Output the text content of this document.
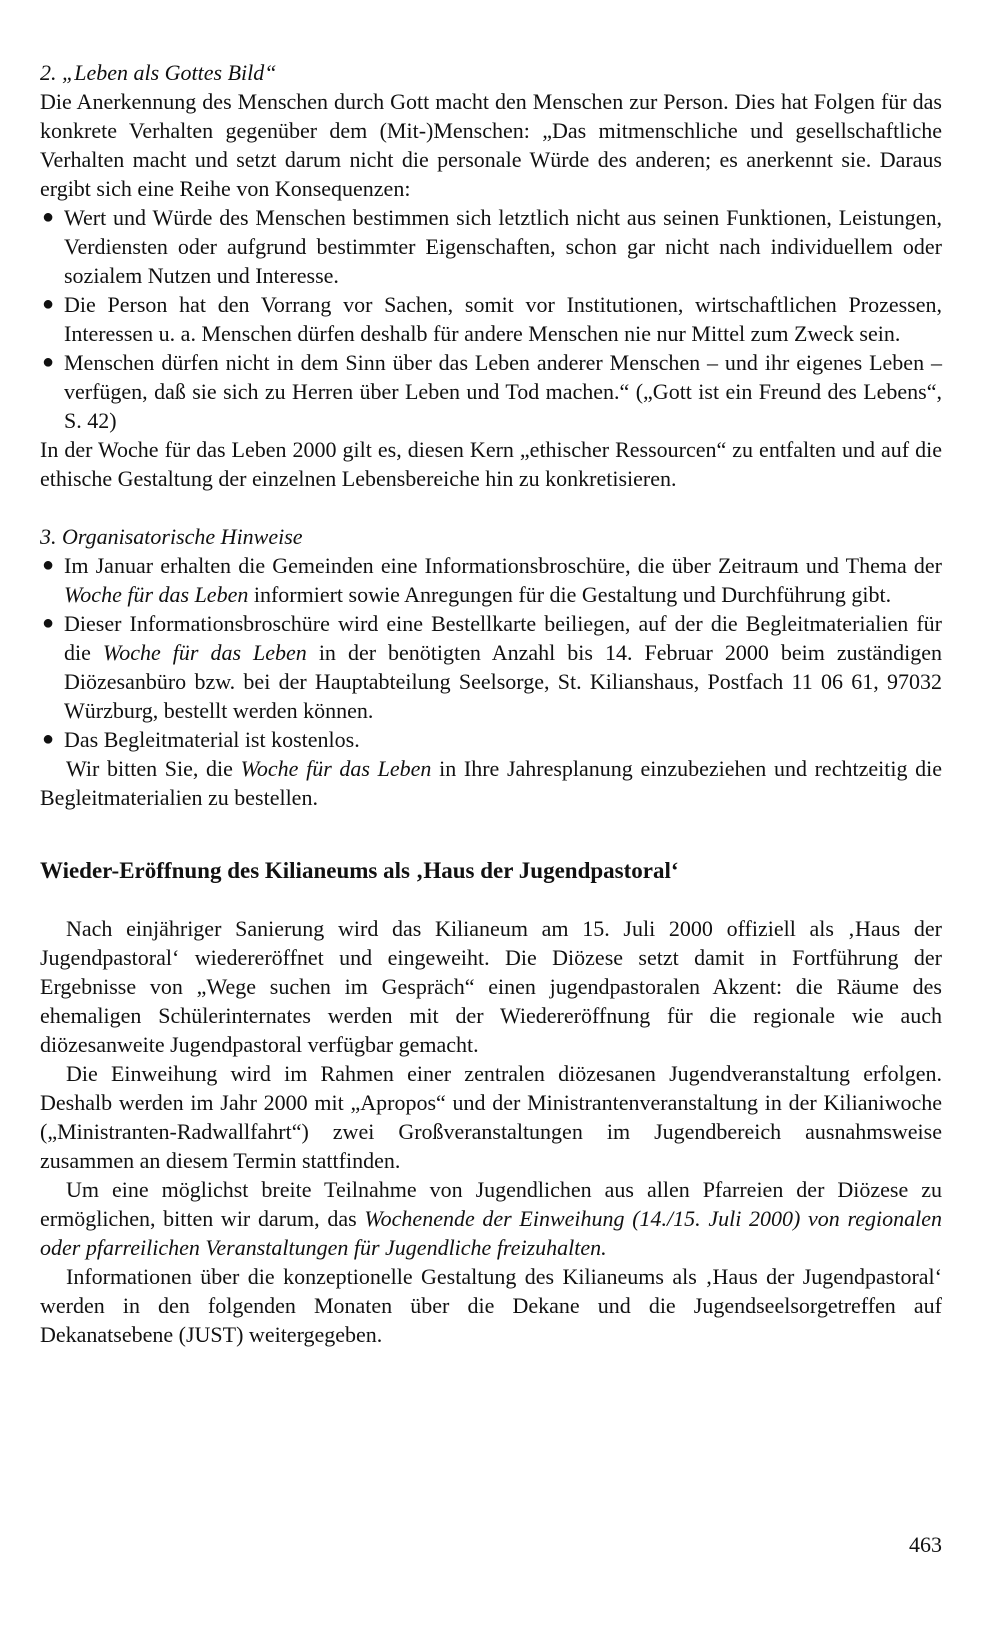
2. „Leben als Gottes Bild“

Die Anerkennung des Menschen durch Gott macht den Menschen zur Person. Dies hat Folgen für das konkrete Verhalten gegenüber dem (Mit-)Menschen: „Das mitmenschliche und gesellschaftliche Verhalten macht und setzt darum nicht die personale Würde des anderen; es anerkennt sie. Daraus ergibt sich eine Reihe von Konsequenzen:

● Wert und Würde des Menschen bestimmen sich letztlich nicht aus seinen Funktionen, Leistungen, Verdiensten oder aufgrund bestimmter Eigenschaften, schon gar nicht nach individuellem oder sozialem Nutzen und Interesse.
● Die Person hat den Vorrang vor Sachen, somit vor Institutionen, wirtschaftlichen Prozessen, Interessen u. a. Menschen dürfen deshalb für andere Menschen nie nur Mittel zum Zweck sein.
● Menschen dürfen nicht in dem Sinn über das Leben anderer Menschen – und ihr eigenes Leben – verfügen, daß sie sich zu Herren über Leben und Tod machen.“ („Gott ist ein Freund des Lebens“, S. 42)

In der Woche für das Leben 2000 gilt es, diesen Kern „ethischer Ressourcen“ zu entfalten und auf die ethische Gestaltung der einzelnen Lebensbereiche hin zu konkretisieren.

3. Organisatorische Hinweise

● Im Januar erhalten die Gemeinden eine Informationsbroschüre, die über Zeitraum und Thema der Woche für das Leben informiert sowie Anregungen für die Gestaltung und Durchführung gibt.
● Dieser Informationsbroschüre wird eine Bestellkarte beiliegen, auf der die Begleitmaterialien für die Woche für das Leben in der benötigten Anzahl bis 14. Februar 2000 beim zuständigen Diözesanbüro bzw. bei der Hauptabteilung Seelsorge, St. Kilianshaus, Postfach 11 06 61, 97032 Würzburg, bestellt werden können.
● Das Begleitmaterial ist kostenlos.

Wir bitten Sie, die Woche für das Leben in Ihre Jahresplanung einzubeziehen und rechtzeitig die Begleitmaterialien zu bestellen.

Wieder-Eröffnung des Kilianeums als ‚Haus der Jugendpastoral‘

Nach einjähriger Sanierung wird das Kilianeum am 15. Juli 2000 offiziell als ‚Haus der Jugendpastoral‘ wiedereröffnet und eingeweiht. Die Diözese setzt damit in Fortführung der Ergebnisse von „Wege suchen im Gespräch“ einen jugendpastoralen Akzent: die Räume des ehemaligen Schülerinternates werden mit der Wiedereröffnung für die regionale wie auch diözesanweite Jugendpastoral verfügbar gemacht.

Die Einweihung wird im Rahmen einer zentralen diözesanen Jugendveranstaltung erfolgen. Deshalb werden im Jahr 2000 mit „Apropos“ und der Ministrantenveranstaltung in der Kilianiwoche („Ministranten-Radwallfahrt“) zwei Großveranstaltungen im Jugendbereich ausnahmsweise zusammen an diesem Termin stattfinden.

Um eine möglichst breite Teilnahme von Jugendlichen aus allen Pfarreien der Diözese zu ermöglichen, bitten wir darum, das Wochenende der Einweihung (14./15. Juli 2000) von regionalen oder pfarreilichen Veranstaltungen für Jugendliche freizuhalten.

Informationen über die konzeptionelle Gestaltung des Kilianeums als ‚Haus der Jugendpastoral‘ werden in den folgenden Monaten über die Dekane und die Jugendseelsorgetreffen auf Dekanatsebene (JUST) weitergegeben.

463
